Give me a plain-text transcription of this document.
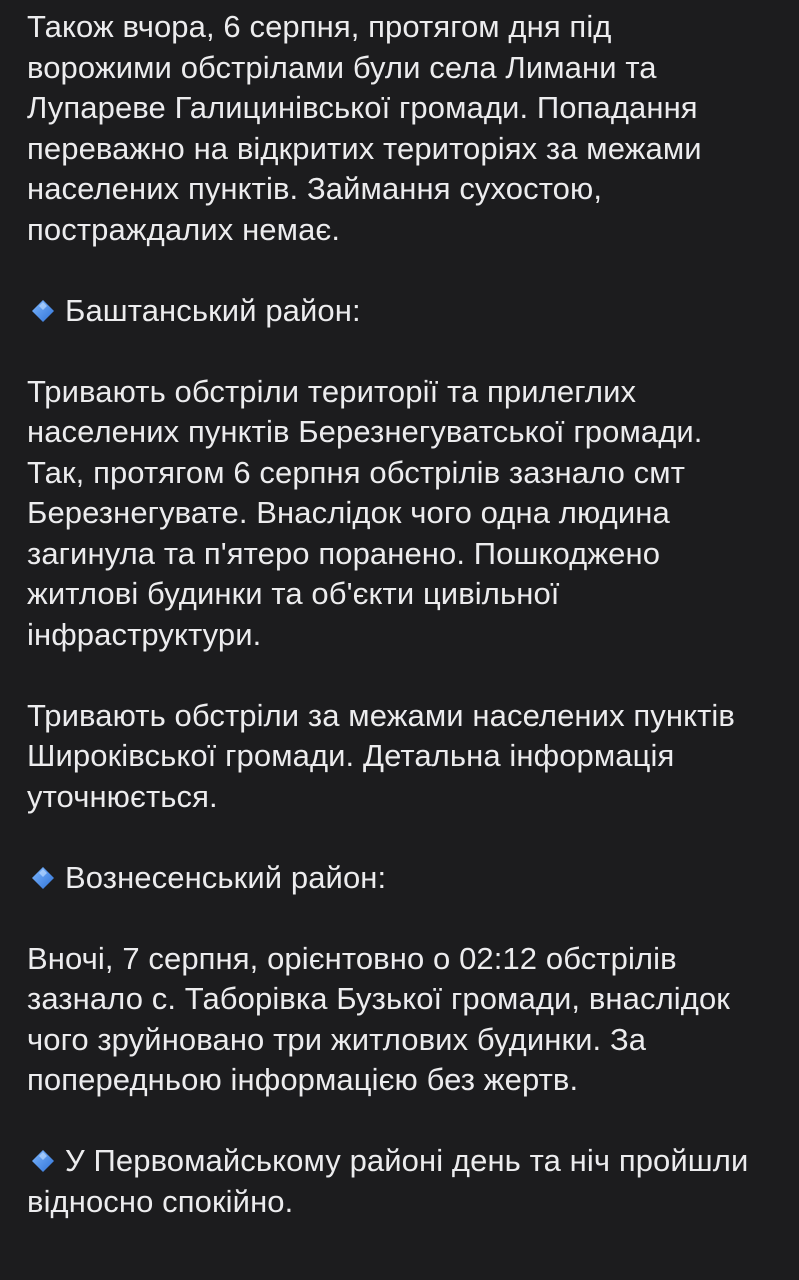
Також вчора, 6 серпня, протягом дня під
ворожими обстрілами були села Лимани та
Лупареве Галицинівської громади. Попадання
переважно на відкритих територіях за межами
населених пунктів. Займання сухостою,
постраждалих немає.

Баштанський район:

Тривають обстріли території та прилеглих
населених пунктів Березнегуватської громади.
Так, протягом 6 серпня обстрілів зазнало смт
Березнегувате. Внаслідок чого одна людина
загинула та п'ятеро поранено. Пошкоджено
житлові будинки та об'єкти цивільної
інфраструктури.

Тривають обстріли за межами населених пунктів
Широківської громади. Детальна інформація
уточнюється.

Вознесенський район:

Вночі, 7 серпня, орієнтовно о 02:12 обстрілів
зазнало с. Таборівка Бузької громади, внаслідок
чого зруйновано три житлових будинки. За
попередньою інформацією без жертв.

У Первомайському районі день та ніч пройшли
відносно спокійно.
